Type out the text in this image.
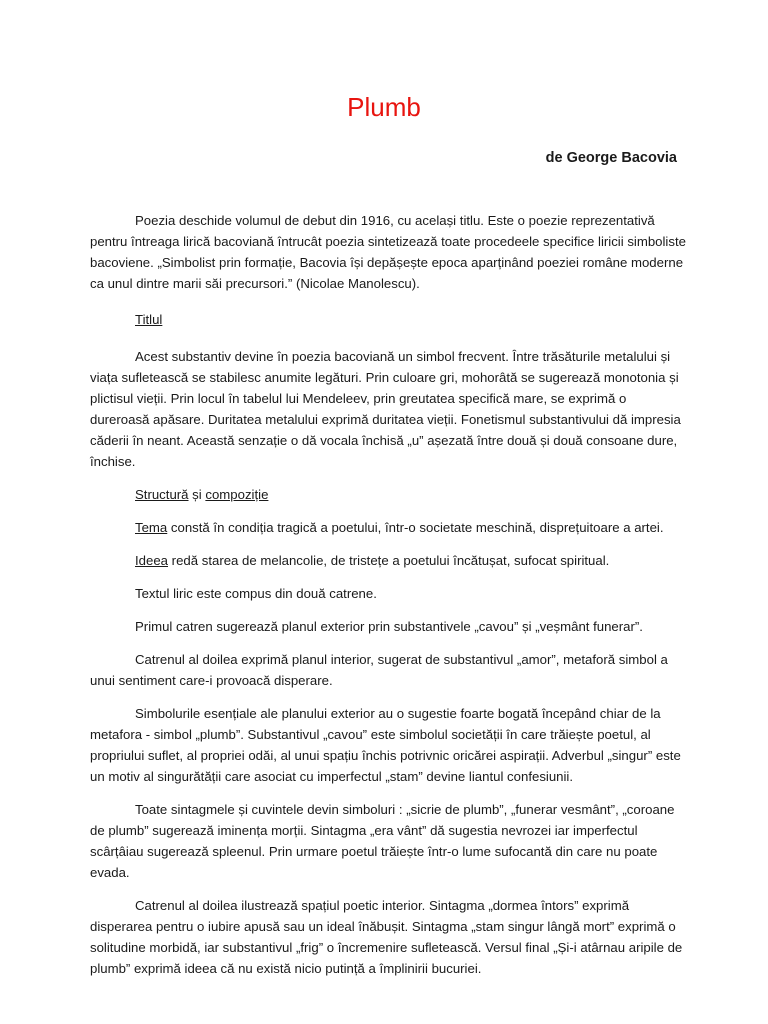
Plumb
de George Bacovia

Poezia deschide volumul de debut din 1916, cu același titlu. Este o poezie reprezentativă pentru întreaga lirică bacoviană întrucât poezia sintetizează toate procedeele specifice liricii simboliste bacoviene. „Simbolist prin formație, Bacovia își depășește epoca aparținând poeziei române moderne ca unul dintre marii săi precursori.” (Nicolae Manolescu).

Titlul

Acest substantiv devine în poezia bacoviană un simbol frecvent. Între trăsăturile metalului și viața sufletească se stabilesc anumite legături. Prin culoare gri, mohorâtă se sugerează monotonia și plictisul vieții. Prin locul în tabelul lui Mendeleev, prin greutatea specifică mare, se exprimă o dureroasă apăsare. Duritatea metalului exprimă duritatea vieții. Fonetismul substantivului dă impresia căderii în neant. Această senzație o dă vocala închisă „u” așezată între două și două consoane dure, închise.

Structură și compoziție

Tema constă în condiția tragică a poetului, într-o societate meschină, disprețuitoare a artei.

Ideea redă starea de melancolie, de tristețe a poetului încătușat, sufocat spiritual.

Textul liric este compus din două catrene.

Primul catren sugerează planul exterior prin substantivele „cavou” și „veșmânt funerar”.

Catrenul al doilea exprimă planul interior, sugerat de substantivul „amor”, metaforă simbol a unui sentiment care-i provoacă disperare.

Simbolurile esențiale ale planului exterior au o sugestie foarte bogată începând chiar de la metafora - simbol „plumb”. Substantivul „cavou” este simbolul societății în care trăiește poetul, al propriului suflet, al propriei odăi, al unui spațiu închis potrivnic oricărei aspirații. Adverbul „singur” este un motiv al singurătății care asociat cu imperfectul „stam” devine liantul confesiunii.

Toate sintagmele și cuvintele devin simboluri : „sicrie de plumb”, „funerar vesmânt”, „coroane de plumb” sugerează iminența morții. Sintagma „era vânt” dă sugestia nevrozei iar imperfectul scârțâiau sugerează spleenul. Prin urmare poetul trăiește într-o lume sufocantă din care nu poate evada.

Catrenul al doilea ilustrează spațiul poetic interior. Sintagma „dormea întors” exprimă disperarea pentru o iubire apusă sau un ideal înăbușit. Sintagma „stam singur lângă mort” exprimă o solitudine morbidă, iar substantivul „frig” o încremenire sufletească. Versul final „Și-i atârnau aripile de plumb” exprimă ideea că nu există nicio putință a împlinirii bucuriei.
